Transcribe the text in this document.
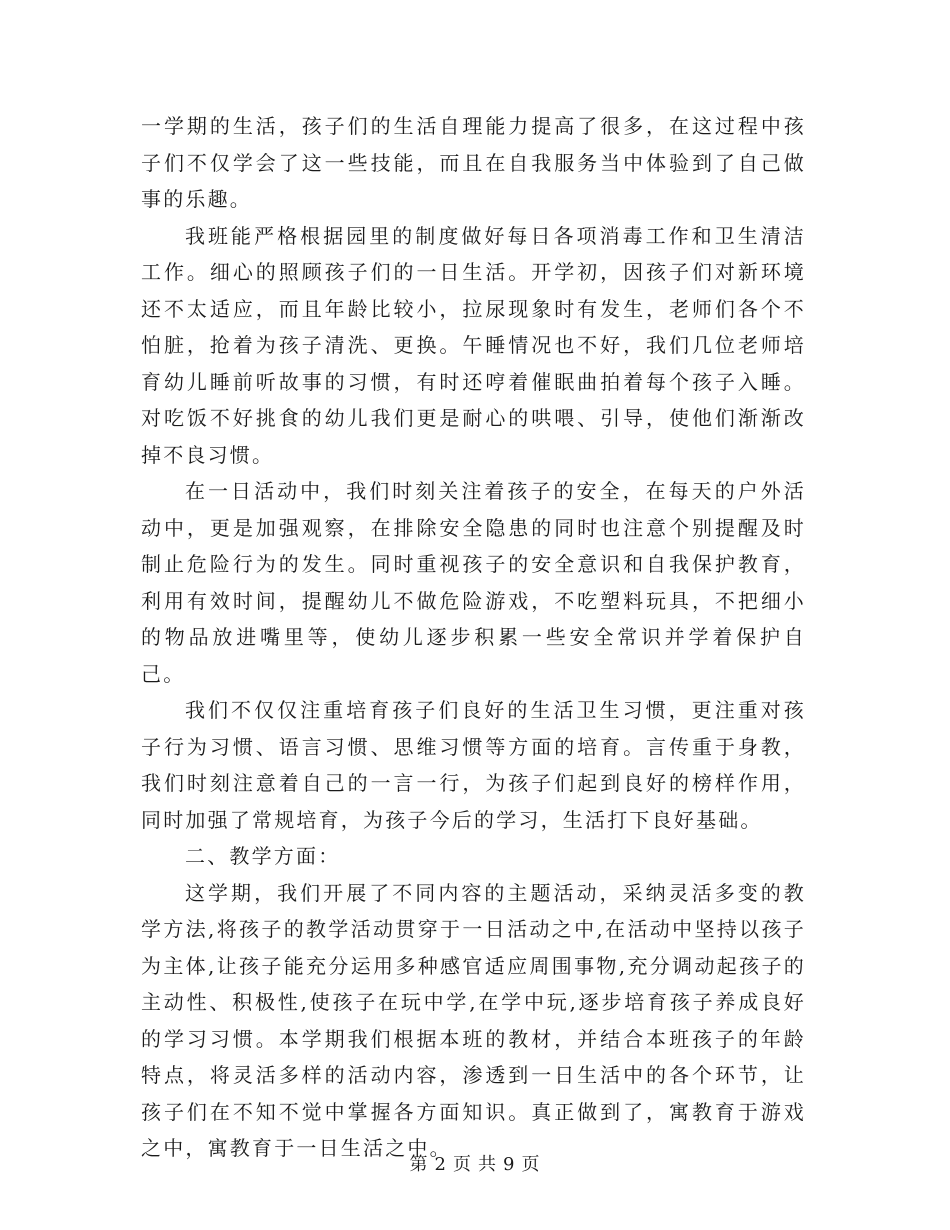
一学期的生活，孩子们的生活自理能力提高了很多，在这过程中孩子们不仅学会了这一些技能，而且在自我服务当中体验到了自己做事的乐趣。

我班能严格根据园里的制度做好每日各项消毒工作和卫生清洁工作。细心的照顾孩子们的一日生活。开学初，因孩子们对新环境还不太适应，而且年龄比较小，拉尿现象时有发生，老师们各个不怕脏，抢着为孩子清洗、更换。午睡情况也不好，我们几位老师培育幼儿睡前听故事的习惯，有时还哼着催眠曲拍着每个孩子入睡。对吃饭不好挑食的幼儿我们更是耐心的哄喂、引导，使他们渐渐改掉不良习惯。

在一日活动中，我们时刻关注着孩子的安全，在每天的户外活动中，更是加强观察，在排除安全隐患的同时也注意个别提醒及时制止危险行为的发生。同时重视孩子的安全意识和自我保护教育，利用有效时间，提醒幼儿不做危险游戏，不吃塑料玩具，不把细小的物品放进嘴里等，使幼儿逐步积累一些安全常识并学着保护自己。

我们不仅仅注重培育孩子们良好的生活卫生习惯，更注重对孩子行为习惯、语言习惯、思维习惯等方面的培育。言传重于身教，我们时刻注意着自己的一言一行，为孩子们起到良好的榜样作用，同时加强了常规培育，为孩子今后的学习，生活打下良好基础。

二、教学方面：

这学期，我们开展了不同内容的主题活动，采纳灵活多变的教学方法,将孩子的教学活动贯穿于一日活动之中,在活动中坚持以孩子为主体,让孩子能充分运用多种感官适应周围事物,充分调动起孩子的主动性、积极性,使孩子在玩中学,在学中玩,逐步培育孩子养成良好的学习习惯。本学期我们根据本班的教材，并结合本班孩子的年龄特点，将灵活多样的活动内容，渗透到一日生活中的各个环节，让孩子们在不知不觉中掌握各方面知识。真正做到了，寓教育于游戏之中，寓教育于一日生活之中。

第 2 页 共 9 页
